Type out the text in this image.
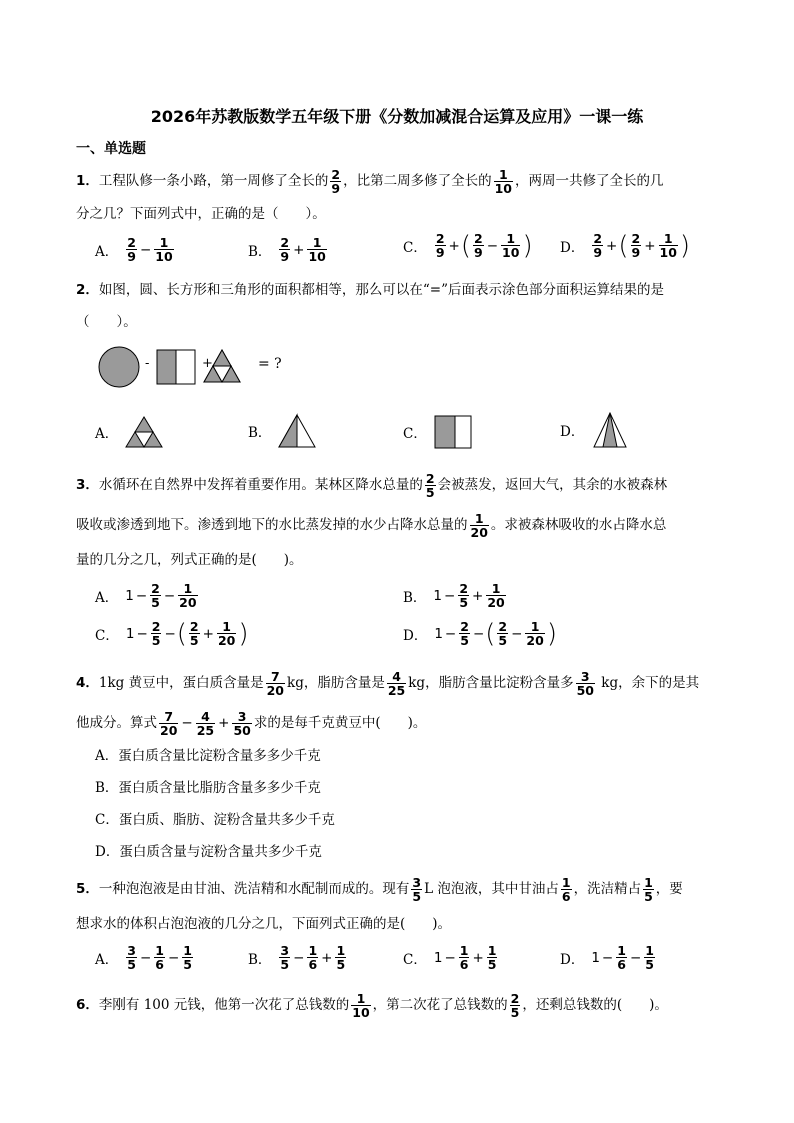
2026年苏教版数学五年级下册《分数加减混合运算及应用》一课一练
一、单选题
1．工程队修一条小路，第一周修了全长的 $\frac{2}{9}$ ，比第二周多修了全长的 $\frac{1}{10}$ ，两周一共修了全长的几
分之几？下面列式中，正确的是（　　）。
A． $\frac{2}{9} - \frac{1}{10}$	B． $\frac{2}{9} + \frac{1}{10}$	C． $\frac{2}{9}$ + ( $\frac{2}{9} - \frac{1}{10}$ ) D． $\frac{2}{9}$ + ( $\frac{2}{9} + \frac{1}{10}$ )
2．如图，圆、长方形和三角形的面积都相等，那么可以在“=”后面表示涂色部分面积运算结果的是
（　　）。
-	+	= ?
A．	B．	C．	D．
3．水循环在自然界中发挥着重要作用。某林区降水总量的 $\frac{2}{5}$ 会被蒸发，返回大气，其余的水被森林
吸收或渗透到地下。渗透到地下的水比蒸发掉的水少占降水总量的 $\frac{1}{20}$ 。求被森林吸收的水占降水总
量的几分之几，列式正确的是(　　)。
A． $1 - \frac{2}{5} - \frac{1}{20}$	B． $1 - \frac{2}{5} + \frac{1}{20}$
C． $1 - \frac{2}{5}$ − ( $\frac{2}{5} + \frac{1}{20}$ )	D． $1 - \frac{2}{5}$ − ( $\frac{2}{5} - \frac{1}{20}$ )
4．1kg 黄豆中，蛋白质含量是 $\frac{7}{20}$ kg，脂肪含量是 $\frac{4}{25}$ kg，脂肪含量比淀粉含量多 $\frac{3}{50}$ kg，余下的是其
他成分。算式 $\frac{7}{20} - \frac{4}{25} + \frac{3}{50}$ 求的是每千克黄豆中(　　)。
A．蛋白质含量比淀粉含量多多少千克
B．蛋白质含量比脂肪含量多多少千克
C．蛋白质、脂肪、淀粉含量共多少千克
D．蛋白质含量与淀粉含量共多少千克
5．一种泡泡液是由甘油、洗洁精和水配制而成的。现有 $\frac{3}{5}$ L 泡泡液，其中甘油占 $\frac{1}{6}$ ，洗洁精占 $\frac{1}{5}$ ，要
想求水的体积占泡泡液的几分之几，下面列式正确的是(　　)。
A． $\frac{3}{5} - \frac{1}{6} - \frac{1}{5}$	B． $\frac{3}{5} - \frac{1}{6} + \frac{1}{5}$	C． $1 - \frac{1}{6} + \frac{1}{5}$	D． $1 - \frac{1}{6} - \frac{1}{5}$
6．李刚有 100 元钱，他第一次花了总钱数的 $\frac{1}{10}$ ，第二次花了总钱数的 $\frac{2}{5}$ ，还剩总钱数的(　　)。
